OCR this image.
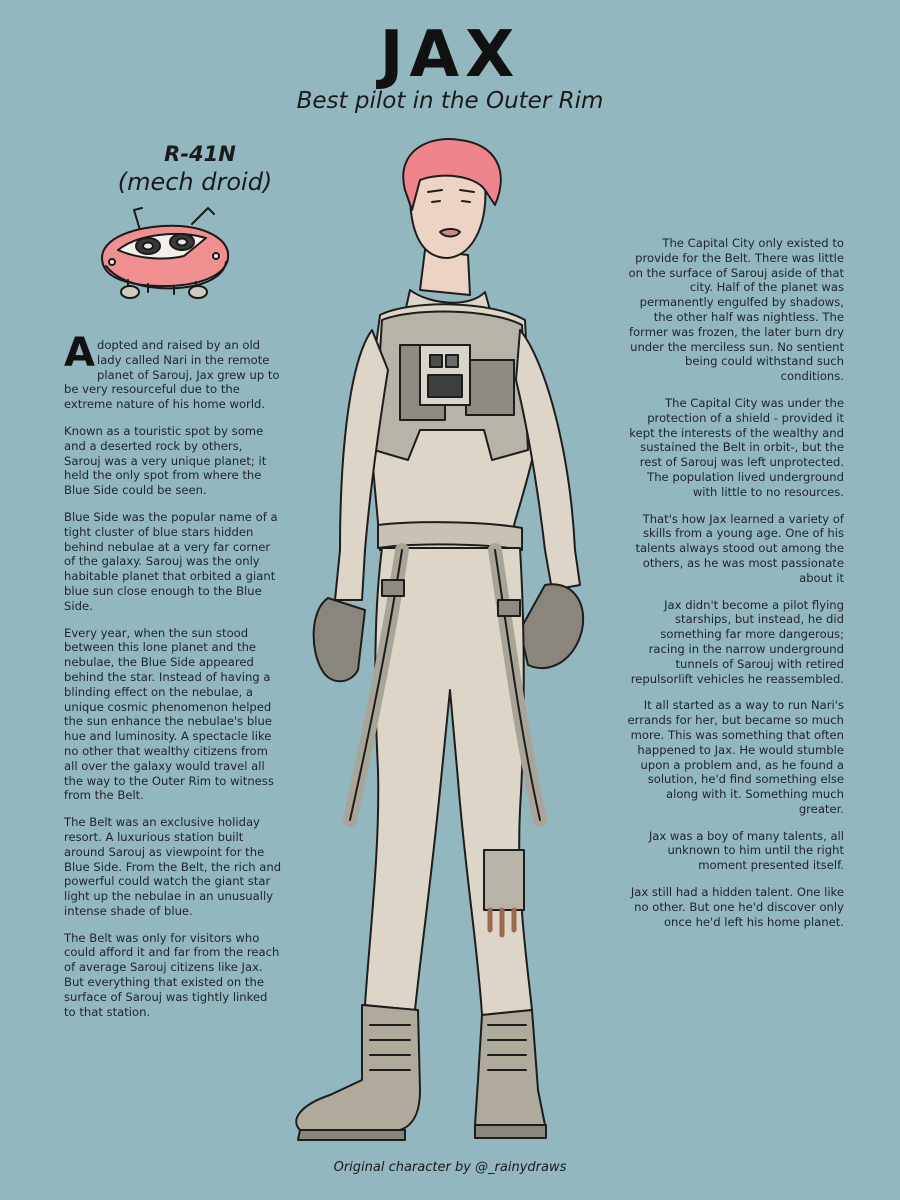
JAX
Best pilot in the Outer Rim
R-41N
(mech droid)

Adopted and raised by an old lady called Nari in the remote planet of Sarouj, Jax grew up to be very resourceful due to the extreme nature of his home world.

Known as a touristic spot by some and a deserted rock by others, Sarouj was a very unique planet; it held the only spot from where the Blue Side could be seen.

Blue Side was the popular name of a tight cluster of blue stars hidden behind nebulae at a very far corner of the galaxy. Sarouj was the only habitable planet that orbited a giant blue sun close enough to the Blue Side.

Every year, when the sun stood between this lone planet and the nebulae, the Blue Side appeared behind the star. Instead of having a blinding effect on the nebulae, a unique cosmic phenomenon helped the sun enhance the nebulae's blue hue and luminosity. A spectacle like no other that wealthy citizens from all over the galaxy would travel all the way to the Outer Rim to witness from the Belt.

The Belt was an exclusive holiday resort. A luxurious station built around Sarouj as viewpoint for the Blue Side. From the Belt, the rich and powerful could watch the giant star light up the nebulae in an unusually intense shade of blue.

The Belt was only for visitors who could afford it and far from the reach of average Sarouj citizens like Jax. But everything that existed on the surface of Sarouj was tightly linked to that station.

The Capital City only existed to provide for the Belt. There was little on the surface of Sarouj aside of that city. Half of the planet was permanently engulfed by shadows, the other half was nightless. The former was frozen, the later burn dry under the merciless sun. No sentient being could withstand such conditions.

The Capital City was under the protection of a shield - provided it kept the interests of the wealthy and sustained the Belt in orbit-, but the rest of Sarouj was left unprotected. The population lived underground with little to no resources.

That's how Jax learned a variety of skills from a young age. One of his talents always stood out among the others, as he was most passionate about it

Jax didn't become a pilot flying starships, but instead, he did something far more dangerous; racing in the narrow underground tunnels of Sarouj with retired repulsorlift vehicles he reassembled.

It all started as a way to run Nari's errands for her, but became so much more. This was something that often happened to Jax. He would stumble upon a problem and, as he found a solution, he'd find something else along with it. Something much greater.

Jax was a boy of many talents, all unknown to him until the right moment presented itself.

Jax still had a hidden talent. One like no other. But one he'd discover only once he'd left his home planet.

Original character by @_rainydraws
